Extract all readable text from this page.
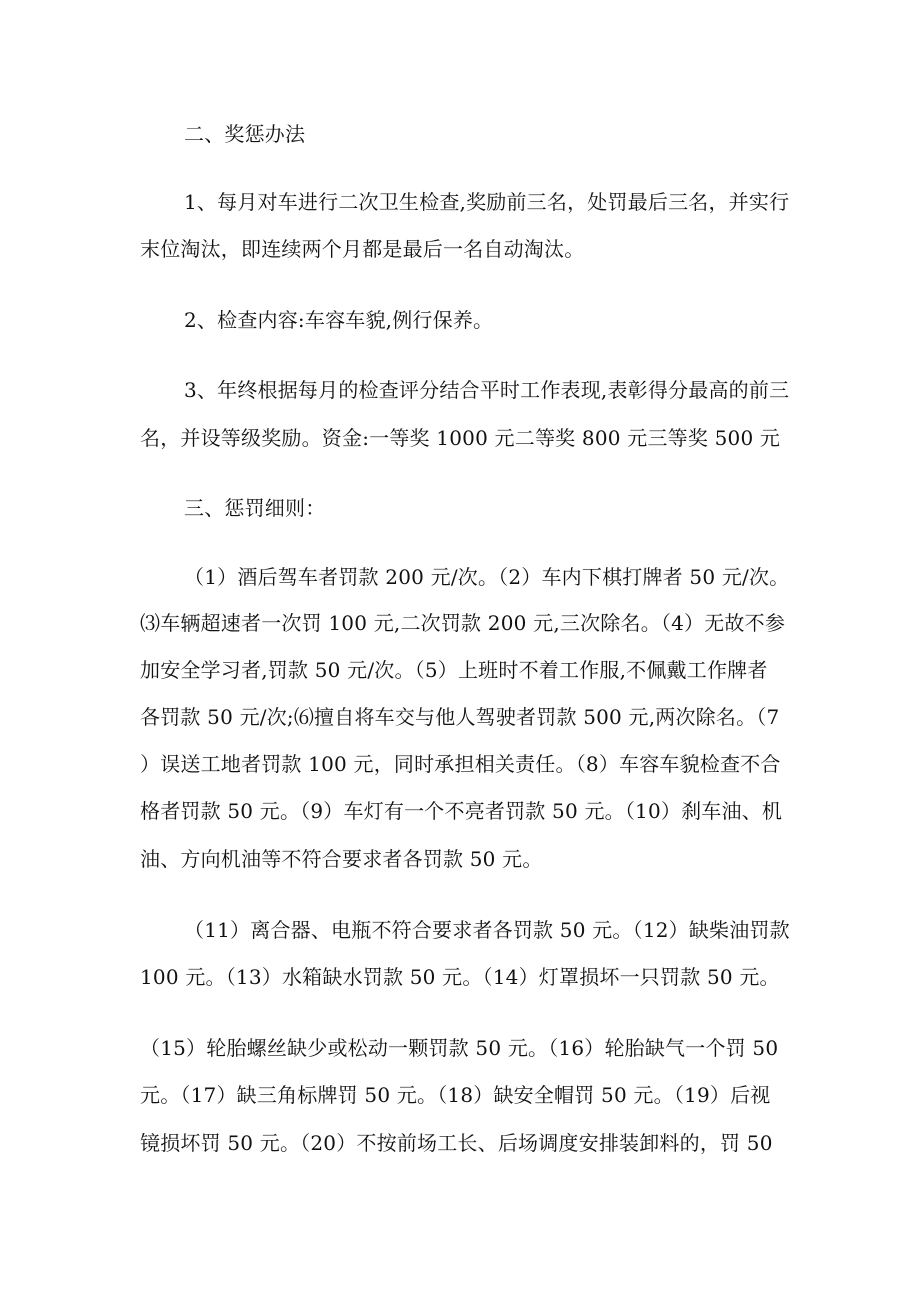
二、奖惩办法
1、每月对车进行二次卫生检查,奖励前三名，处罚最后三名，并实行
末位淘汰，即连续两个月都是最后一名自动淘汰。
2、检查内容:车容车貌,例行保养。
3、年终根据每月的检查评分结合平时工作表现,表彰得分最高的前三
名，并设等级奖励。资金:一等奖 1000 元二等奖 800 元三等奖 500 元
三、惩罚细则：
（1）酒后驾车者罚款 200 元/次。（2）车内下棋打牌者 50 元/次。
⑶车辆超速者一次罚 100 元,二次罚款 200 元,三次除名。（4）无故不参
加安全学习者,罚款 50 元/次。（5）上班时不着工作服,不佩戴工作牌者
各罚款 50 元/次;⑹擅自将车交与他人驾驶者罚款 500 元,两次除名。（7
）误送工地者罚款 100 元，同时承担相关责任。（8）车容车貌检查不合
格者罚款 50 元。（9）车灯有一个不亮者罚款 50 元。（10）刹车油、机
油、方向机油等不符合要求者各罚款 50 元。
（11）离合器、电瓶不符合要求者各罚款 50 元。（12）缺柴油罚款
100 元。（13）水箱缺水罚款 50 元。（14）灯罩损坏一只罚款 50 元。
（15）轮胎螺丝缺少或松动一颗罚款 50 元。（16）轮胎缺气一个罚 50
元。（17）缺三角标牌罚 50 元。（18）缺安全帽罚 50 元。（19）后视
镜损坏罚 50 元。（20）不按前场工长、后场调度安排装卸料的，罚 50
